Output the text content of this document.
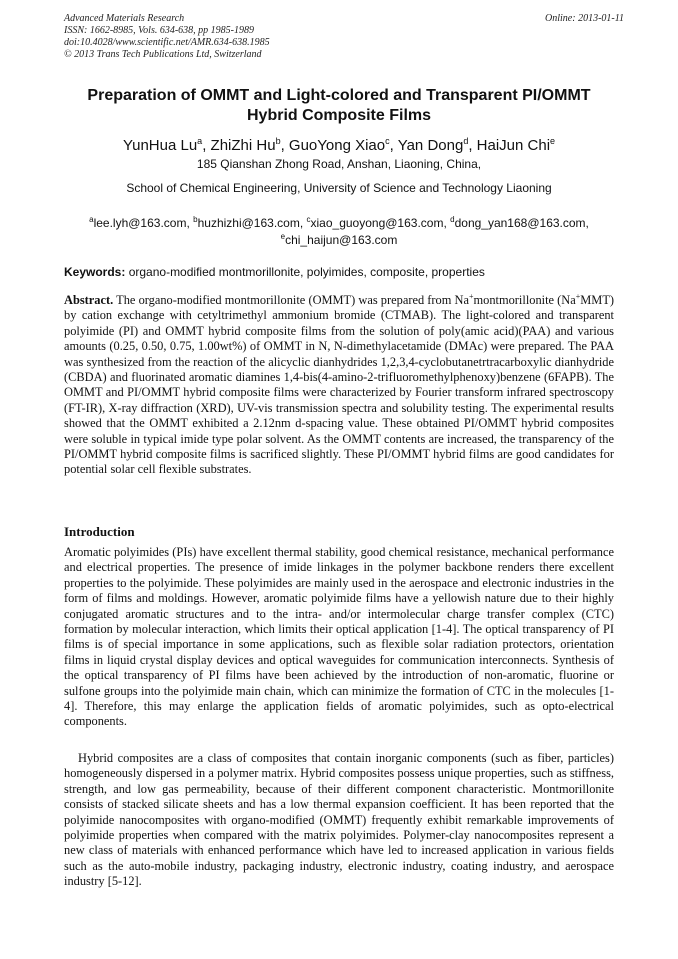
Advanced Materials Research
ISSN: 1662-8985, Vols. 634-638, pp 1985-1989
doi:10.4028/www.scientific.net/AMR.634-638.1985
© 2013 Trans Tech Publications Ltd, Switzerland
Online: 2013-01-11
Preparation of OMMT and Light-colored and Transparent PI/OMMT
Hybrid Composite Films
YunHua Lu$^a$, ZhiZhi Hu$^b$, GuoYong Xiao$^c$, Yan Dong$^d$, HaiJun Chi$^e$
185 Qianshan Zhong Road, Anshan, Liaoning, China,
School of Chemical Engineering, University of Science and Technology Liaoning
$^a$lee.lyh@163.com, $^b$huzhizhi@163.com, $^c$xiao_guoyong@163.com, $^d$dong_yan168@163.com,
$^e$chi_haijun@163.com
Keywords: organo-modified montmorillonite, polyimides, composite, properties
Abstract. The organo-modified montmorillonite (OMMT) was prepared from Na+montmorillonite (Na+MMT) by cation exchange with cetyltrimethyl ammonium bromide (CTMAB). The light-colored and transparent polyimide (PI) and OMMT hybrid composite films from the solution of poly(amic acid)(PAA) and various amounts (0.25, 0.50, 0.75, 1.00wt%) of OMMT in N, N-dimethylacetamide (DMAc) were prepared. The PAA was synthesized from the reaction of the alicyclic dianhydrides 1,2,3,4-cyclobutanetrtracarboxylic dianhydride (CBDA) and fluorinated aromatic diamines 1,4-bis(4-amino-2-trifluoromethylphenoxy)benzene (6FAPB). The OMMT and PI/OMMT hybrid composite films were characterized by Fourier transform infrared spectroscopy (FT-IR), X-ray diffraction (XRD), UV-vis transmission spectra and solubility testing. The experimental results showed that the OMMT exhibited a 2.12nm d-spacing value. These obtained PI/OMMT hybrid composites were soluble in typical imide type polar solvent. As the OMMT contents are increased, the transparency of the PI/OMMT hybrid composite films is sacrificed slightly. These PI/OMMT hybrid films are good candidates for potential solar cell flexible substrates.
Introduction
Aromatic polyimides (PIs) have excellent thermal stability, good chemical resistance, mechanical performance and electrical properties. The presence of imide linkages in the polymer backbone renders there excellent properties to the polyimide. These polyimides are mainly used in the aerospace and electronic industries in the form of films and moldings. However, aromatic polyimide films have a yellowish nature due to their highly conjugated aromatic structures and to the intra- and/or intermolecular charge transfer complex (CTC) formation by molecular interaction, which limits their optical application [1-4]. The optical transparency of PI films is of special importance in some applications, such as flexible solar radiation protectors, orientation films in liquid crystal display devices and optical waveguides for communication interconnects. Synthesis of the optical transparency of PI films have been achieved by the introduction of non-aromatic, fluorine or sulfone groups into the polyimide main chain, which can minimize the formation of CTC in the molecules [1-4]. Therefore, this may enlarge the application fields of aromatic polyimides, such as opto-electrical components.
Hybrid composites are a class of composites that contain inorganic components (such as fiber, particles) homogeneously dispersed in a polymer matrix. Hybrid composites possess unique properties, such as stiffness, strength, and low gas permeability, because of their different component characteristic. Montmorillonite consists of stacked silicate sheets and has a low thermal expansion coefficient. It has been reported that the polyimide nanocomposites with organo-modified (OMMT) frequently exhibit remarkable improvements of polyimide properties when compared with the matrix polyimides. Polymer-clay nanocomposites represent a new class of materials with enhanced performance which have led to increased application in various fields such as the auto-mobile industry, packaging industry, electronic industry, coating industry, and aerospace industry [5-12].
